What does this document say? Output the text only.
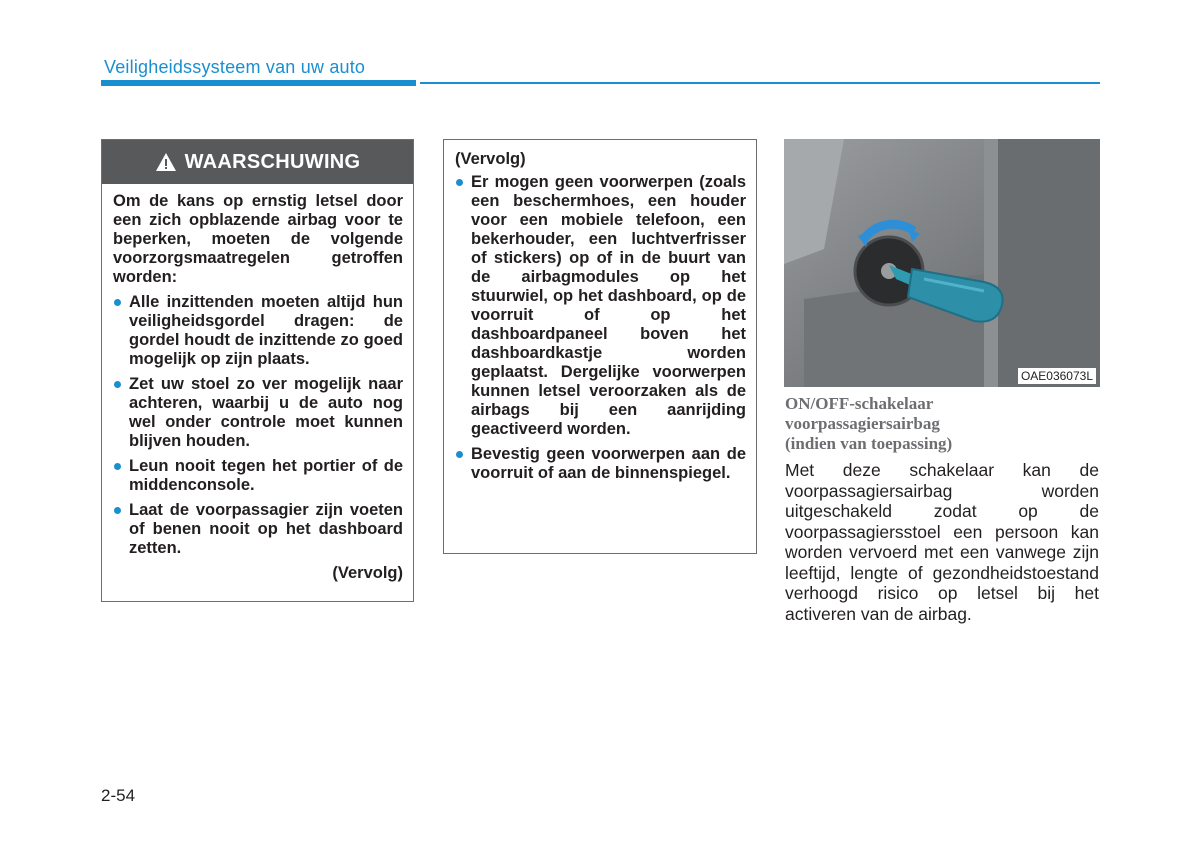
Veiligheidssysteem van uw auto
WAARSCHUWING

Om de kans op ernstig letsel door een zich opblazende airbag voor te beperken, moeten de volgende voorzorgsmaatregelen getroffen worden:

Alle inzittenden moeten altijd hun veiligheidsgordel dragen: de gordel houdt de inzittende zo goed mogelijk op zijn plaats.
Zet uw stoel zo ver mogelijk naar achteren, waarbij u de auto nog wel onder controle moet kunnen blijven houden.
Leun nooit tegen het portier of de middenconsole.
Laat de voorpassagier zijn voeten of benen nooit op het dashboard zetten.
(Vervolg)

(Vervolg)

Er mogen geen voorwerpen (zoals een beschermhoes, een houder voor een mobiele telefoon, een bekerhouder, een luchtverfrisser of stickers) op of in de buurt van de airbagmodules op het stuurwiel, op het dashboard, op de voorruit of op het dashboardpaneel boven het dashboardkastje worden geplaatst. Dergelijke voorwerpen kunnen letsel veroorzaken als de airbags bij een aanrijding geactiveerd worden.
Bevestig geen voorwerpen aan de voorruit of aan de binnenspiegel.
OAE036073L
ON/OFF-schakelaar
voorpassagiersairbag
(indien van toepassing)
Met deze schakelaar kan de voorpassagiersairbag worden uitgeschakeld zodat op de voorpassagiersstoel een persoon kan worden vervoerd met een vanwege zijn leeftijd, lengte of gezondheidstoestand verhoogd risico op letsel bij het activeren van de airbag.
2-54
